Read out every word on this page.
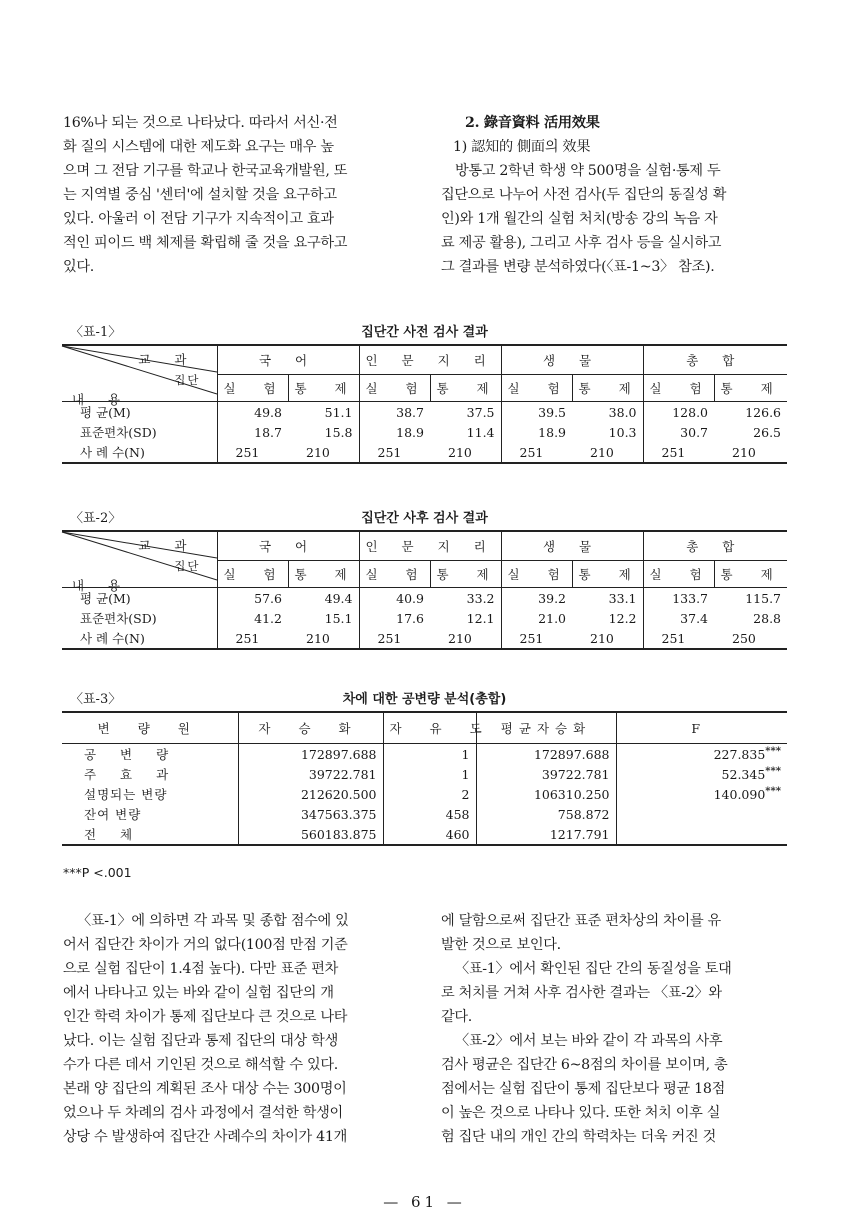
16%나 되는 것으로 나타났다. 따라서 서신·전
화 질의 시스템에 대한 제도화 요구는 매우 높
으며 그 전담 기구를 학교나 한국교육개발원, 또
는 지역별 중심 '센터'에 설치할 것을 요구하고
있다. 아울러 이 전담 기구가 지속적이고 효과
적인 피이드 백 체제를 확립해 줄 것을 요구하고
있다.
2. 錄音資料 活用效果
1) 認知的 側面의 效果
방통고 2학년 학생 약 500명을 실험·통제 두
집단으로 나누어 사전 검사(두 집단의 동질성 확
인)와 1개 월간의 실험 처치(방송 강의 녹음 자
료 제공 활용), 그리고 사후 검사 등을 실시하고
그 결과를 변량 분석하였다(〈표-1~3〉 참조).
〈표-1〉	집단간 사전 검사 결과
교 과
집단
내 용	국 어		인 문 지 리		생 물		총 합	
	실 험	통 제	실 험	통 제	실 험	통 제	실 험	통 제
평 균(M)	49.8	51.1	38.7	37.5	39.5	38.0	128.0	126.6
표준편차(SD)	18.7	15.8	18.9	11.4	18.9	10.3	30.7	26.5
사 례 수(N)	251	210	251	210	251	210	251	210
〈표-2〉	집단간 사후 검사 결과
교 과
집단
내 용	국 어		인 문 지 리		생 물		총 합	
	실 험	통 제	실 험	통 제	실 험	통 제	실 험	통 제
평 균(M)	57.6	49.4	40.9	33.2	39.2	33.1	133.7	115.7
표준편차(SD)	41.2	15.1	17.6	12.1	21.0	12.2	37.4	28.8
사 례 수(N)	251	210	251	210	251	210	251	250
〈표-3〉	차에 대한 공변량 분석(총합)
변 량 원	자 승 화	자 유 도	평균자승화	F
공 변 량	172897.688	1	172897.688	227.835***
주 효 과	39722.781	1	39722.781	52.345***
설명되는 변량	212620.500	2	106310.250	140.090***
잔여 변량	347563.375	458	758.872	
전 체	560183.875	460	1217.791	
***P <.001
〈표-1〉에 의하면 각 과목 및 종합 점수에 있
어서 집단간 차이가 거의 없다(100점 만점 기준
으로 실험 집단이 1.4점 높다). 다만 표준 편차
에서 나타나고 있는 바와 같이 실험 집단의 개
인간 학력 차이가 통제 집단보다 큰 것으로 나타
났다. 이는 실험 집단과 통제 집단의 대상 학생
수가 다른 데서 기인된 것으로 해석할 수 있다.
본래 양 집단의 계획된 조사 대상 수는 300명이
었으나 두 차례의 검사 과정에서 결석한 학생이
상당 수 발생하여 집단간 사례수의 차이가 41개
에 달함으로써 집단간 표준 편차상의 차이를 유
발한 것으로 보인다.
〈표-1〉에서 확인된 집단 간의 동질성을 토대
로 처치를 거쳐 사후 검사한 결과는 〈표-2〉와
같다.
〈표-2〉에서 보는 바와 같이 각 과목의 사후
검사 평균은 집단간 6~8점의 차이를 보이며, 총
점에서는 실험 집단이 통제 집단보다 평균 18점
이 높은 것으로 나타나 있다. 또한 처치 이후 실
험 집단 내의 개인 간의 학력차는 더욱 커진 것
— 61 —
